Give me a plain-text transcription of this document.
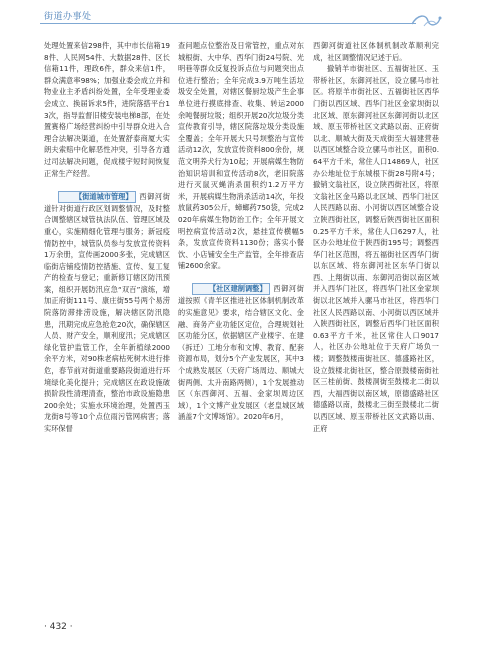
街道办事处

处理处置来信298件，其中市长信箱198件、人民网54件、大数据28件、区长信箱11件，理政6件，群众来信1件，群众满意率98%；加强业委会成立并和物业业主矛盾纠纷处置，全年受理业委会成立、换届诉求5件，进院落搭平台13次，指导监督旧楼安装电梯8部，在处置赛格广场经营纠纷中引导群众进入合理合法解决渠道，在处置舒泰商厦大实朗夫索赔中化解恶性冲突，引导各方通过司法解决问题，促成楼宇短时间恢复正常生产经营。

【街道城市管理】 西御河街道针对街道行政区划调整情况，及时整合调整辖区城管执法队伍、管理区域及重心，实施精细化管理与服务；新冠疫情防控中，城管队员参与发放宣传资料1万余册，宣传画2000多张，完成辖区临街店铺疫情防控措施、宣传、复工复产的检查与登记；重新修订辖区防汛预案，组织开展防汛应急“双百”演练，增加正府街111号、康庄街55号两个易涝院落防滞排涝设施，解决辖区防汛隐患，汛期完成应急抢危20次，确保辖区人员、财产安全，顺利度汛；完成辖区绿化管护监管工作，全年新植绿2000余平方米，对90株老病枯死树木进行排危，春节前对街道重要路段街道进行环境绿化美化提升；完成辖区在政设施破损阶段性清理清查，整治市政设施隐患200余处；实施水环境治理，处置西玉龙街8号等10个点位雨污管网病害；落实环保督

查问题点位整治及日常管控，重点对东城根街、大中华、西华门街24号院、光明巷等群众反复投诉点位与问题突出点位进行整治；全年完成3.9万吨生活垃圾安全处置，对辖区餐厨垃圾产生企事单位进行摸底排查、收集、转运2000余吨餐厨垃圾；组织开展20次垃圾分类宣传教育引导，辖区院落垃圾分类设施全覆盖；全年开展大只号坝整治与宣传活动12次，发放宣传资料800余份，规范文明养犬行为10起；开展病媒生物防治知识培训和宣传活动8次，老旧院落进行灭鼠灭蝇消杀面积约1.2万平方米，开展病媒生物消杀活动14次，年投放鼠药305公斤，蟑螂药750袋，完成2020年病媒生物防治工作；全年开展文明控病宣传活动2次，悬挂宣传横幅5条，发放宣传资料1130份；落实小餐饮、小店铺安全生产监管，全年排查店铺2600余家。

【社区建制调整】 西御河街道按照《青羊区推进社区体制机制改革的实施意见》要求，结合辖区文化、金融、商务产业功能区定位，合理规划社区功能分区，依据辖区产业楼宇、在建（拆迁）工地分布和文博、教育、配套资源布局，划分5个产业发展区，其中3个成熟发展区（天府广场周边、顺城大街两侧、太升南路两侧），1个发展推动区（东西御河、五福、金家坝周边区域），1个文博产业发展区（老皇城区域涵盖7个文博场馆）。2020年6月，

西御河街道社区体制机制改革顺利完成，社区调整情况记述于后。

撤销羊市街社区、五福街社区、玉带桥社区，东御河社区，设立骡马市社区。将原羊市街社区、五福街社区西华门街以西区域、西华门社区金家坝街以北区域、原东御河社区东御河街以北区域、原玉带桥社区文武路以南、正府街以北、顺城大街及天成街至大福建营巷以西区域整合设立骡马市社区，面积0.64平方千米，常住人口14869人，社区办公地址位于东城根下街28号附4号；撤销文翁社区，设立陕西街社区，将原文翁社区金马路以北区域、西华门社区人民西路以南、小河街以西区域整合设立陕西街社区，调整后陕西街社区面积0.25平方千米，常住人口6297人，社区办公地址位于陕西街195号；调整西华门社区范围，将五福街社区西华门街以东区域、将东御河社区东华门街以西、上翔街以南、东御河沿街以南区域并入西华门社区，将西华门社区金家坝街以北区域并入骡马市社区，将西华门社区人民西路以南、小河街以西区域并入陕西街社区，调整后西华门社区面积0.63平方千米，社区常住人口9017人，社区办公地址位于天府广场负一楼；调整鼓楼南街社区、德盛路社区，设立鼓楼北街社区，整合原鼓楼南街社区三桂前街、鼓楼洞街至鼓楼北二街以西，大福西街以南区域，原德盛路社区德盛路以南，鼓楼北三街至鼓楼北二街以西区域、原玉带桥社区文武路以南、正府

· 432 ·
